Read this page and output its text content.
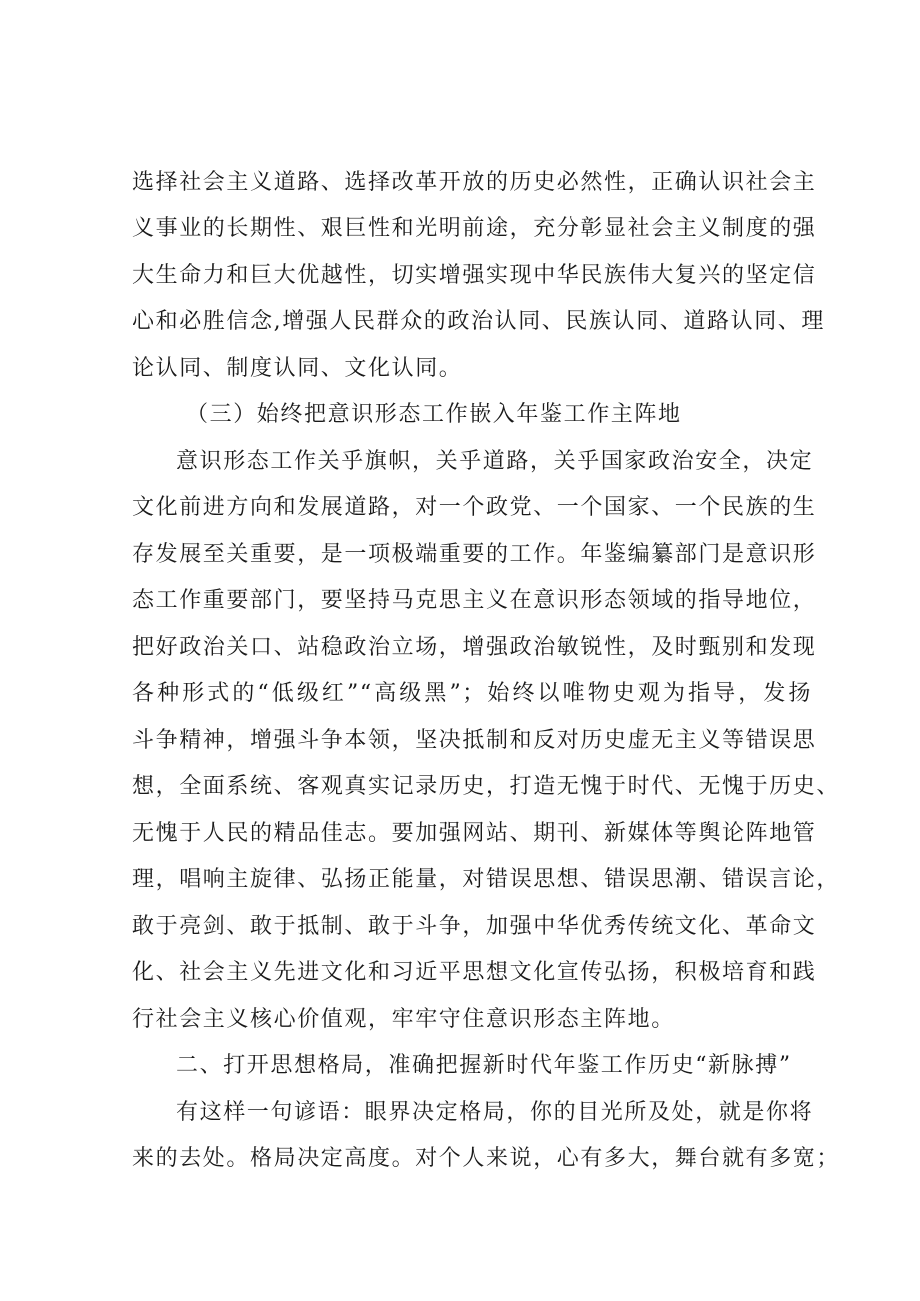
选择社会主义道路、选择改革开放的历史必然性，正确认识社会主
义事业的长期性、艰巨性和光明前途，充分彰显社会主义制度的强
大生命力和巨大优越性，切实增强实现中华民族伟大复兴的坚定信
心和必胜信念,增强人民群众的政治认同、民族认同、道路认同、理
论认同、制度认同、文化认同。
（三）始终把意识形态工作嵌入年鉴工作主阵地
意识形态工作关乎旗帜，关乎道路，关乎国家政治安全，决定
文化前进方向和发展道路，对一个政党、一个国家、一个民族的生
存发展至关重要，是一项极端重要的工作。年鉴编纂部门是意识形
态工作重要部门，要坚持马克思主义在意识形态领域的指导地位，
把好政治关口、站稳政治立场，增强政治敏锐性，及时甄别和发现
各种形式的“低级红”“高级黑”；始终以唯物史观为指导，发扬
斗争精神，增强斗争本领，坚决抵制和反对历史虚无主义等错误思
想，全面系统、客观真实记录历史，打造无愧于时代、无愧于历史、
无愧于人民的精品佳志。要加强网站、期刊、新媒体等舆论阵地管
理，唱响主旋律、弘扬正能量，对错误思想、错误思潮、错误言论，
敢于亮剑、敢于抵制、敢于斗争，加强中华优秀传统文化、革命文
化、社会主义先进文化和习近平思想文化宣传弘扬，积极培育和践
行社会主义核心价值观，牢牢守住意识形态主阵地。
二、打开思想格局，准确把握新时代年鉴工作历史“新脉搏”
有这样一句谚语：眼界决定格局，你的目光所及处，就是你将
来的去处。格局决定高度。对个人来说，心有多大，舞台就有多宽；
